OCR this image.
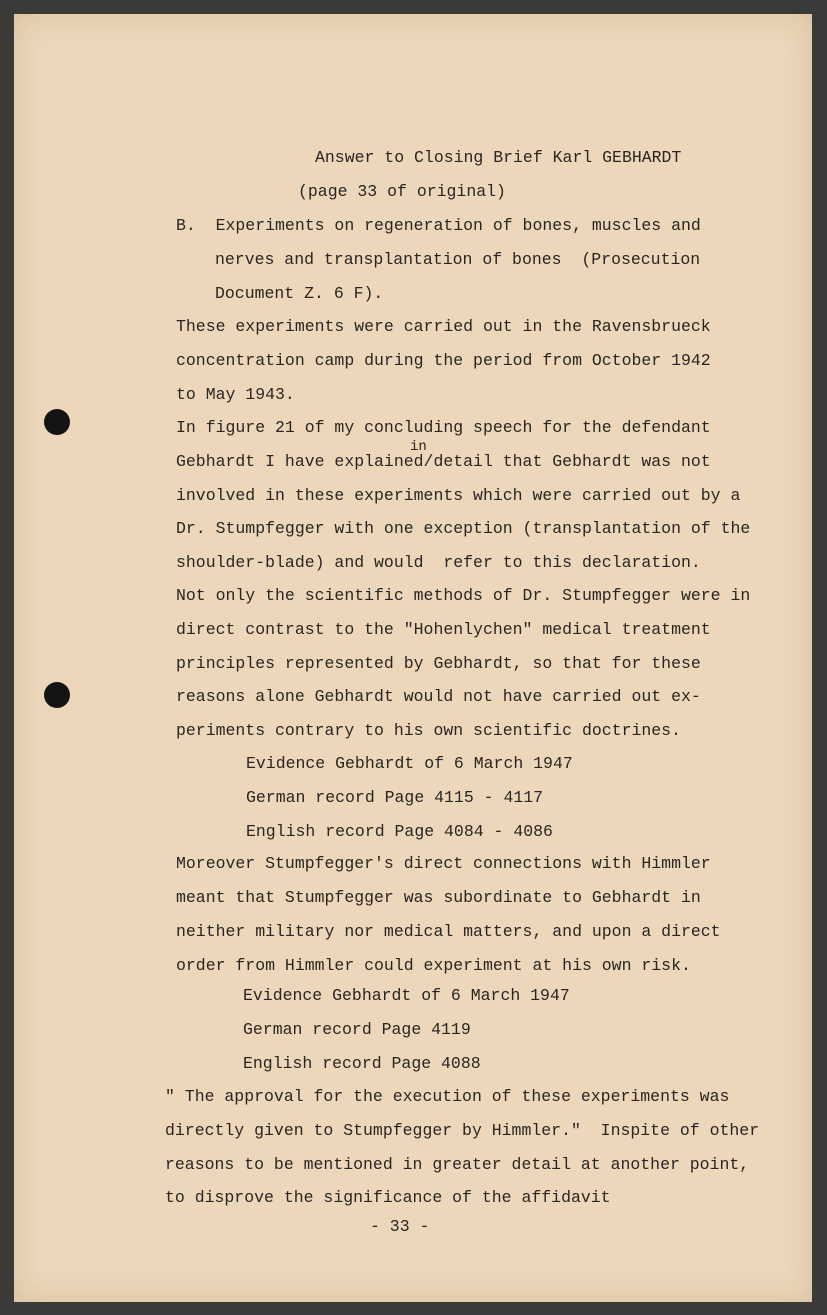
Answer to Closing Brief Karl GEBHARDT

(page 33 of original)

B.  Experiments on regeneration of bones, muscles and

nerves and transplantation of bones  (Prosecution

Document Z. 6 F).

These experiments were carried out in the Ravensbrueck

concentration camp during the period from October 1942

to May 1943.

In figure 21 of my concluding speech for the defendant

in

Gebhardt I have explained/detail that Gebhardt was not

involved in these experiments which were carried out by a

Dr. Stumpfegger with one exception (transplantation of the

shoulder-blade) and would  refer to this declaration.

Not only the scientific methods of Dr. Stumpfegger were in

direct contrast to the "Hohenlychen" medical treatment

principles represented by Gebhardt, so that for these

reasons alone Gebhardt would not have carried out ex-

periments contrary to his own scientific doctrines.

Evidence Gebhardt of 6 March 1947

German record Page 4115 - 4117

English record Page 4084 - 4086

Moreover Stumpfegger's direct connections with Himmler

meant that Stumpfegger was subordinate to Gebhardt in

neither military nor medical matters, and upon a direct

order from Himmler could experiment at his own risk.

Evidence Gebhardt of 6 March 1947

German record Page 4119

English record Page 4088

" The approval for the execution of these experiments was

directly given to Stumpfegger by Himmler."  Inspite of other

reasons to be mentioned in greater detail at another point,

to disprove the significance of the affidavit

- 33 -
